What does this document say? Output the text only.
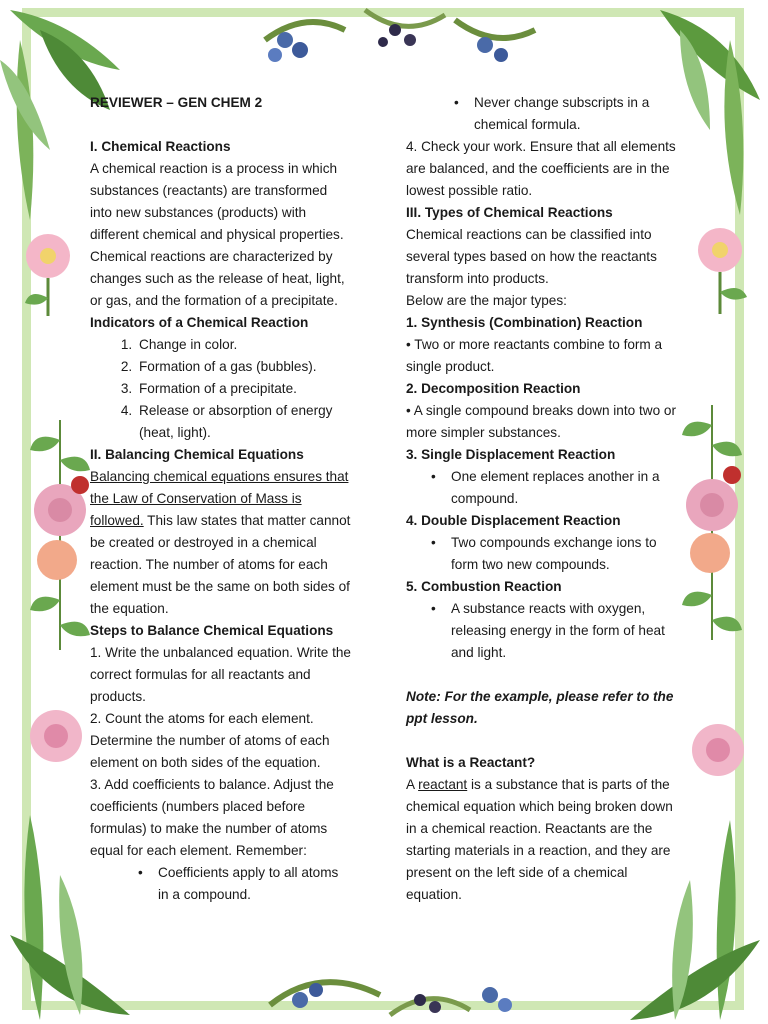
REVIEWER – GEN CHEM 2

I. Chemical Reactions

A chemical reaction is a process in which substances (reactants) are transformed into new substances (products) with different chemical and physical properties. Chemical reactions are characterized by changes such as the release of heat, light, or gas, and the formation of a precipitate.

Indicators of a Chemical Reaction

1. Change in color.
2. Formation of a gas (bubbles).
3. Formation of a precipitate.
4. Release or absorption of energy (heat, light).

II. Balancing Chemical Equations

Balancing chemical equations ensures that the Law of Conservation of Mass is followed. This law states that matter cannot be created or destroyed in a chemical reaction. The number of atoms for each element must be the same on both sides of the equation.

Steps to Balance Chemical Equations

1. Write the unbalanced equation. Write the correct formulas for all reactants and products.

2. Count the atoms for each element. Determine the number of atoms of each element on both sides of the equation.

3. Add coefficients to balance. Adjust the coefficients (numbers placed before formulas) to make the number of atoms equal for each element. Remember:

• Coefficients apply to all atoms in a compound.
• Never change subscripts in a chemical formula.

4. Check your work. Ensure that all elements are balanced, and the coefficients are in the lowest possible ratio.

III. Types of Chemical Reactions

Chemical reactions can be classified into several types based on how the reactants transform into products.

Below are the major types:

1. Synthesis (Combination) Reaction

• Two or more reactants combine to form a single product.

2. Decomposition Reaction

• A single compound breaks down into two or more simpler substances.

3. Single Displacement Reaction

• One element replaces another in a compound.

4. Double Displacement Reaction

• Two compounds exchange ions to form two new compounds.

5. Combustion Reaction

• A substance reacts with oxygen, releasing energy in the form of heat and light.

Note: For the example, please refer to the ppt lesson.

What is a Reactant?

A reactant is a substance that is parts of the chemical equation which being broken down in a chemical reaction. Reactants are the starting materials in a reaction, and they are present on the left side of a chemical equation.
